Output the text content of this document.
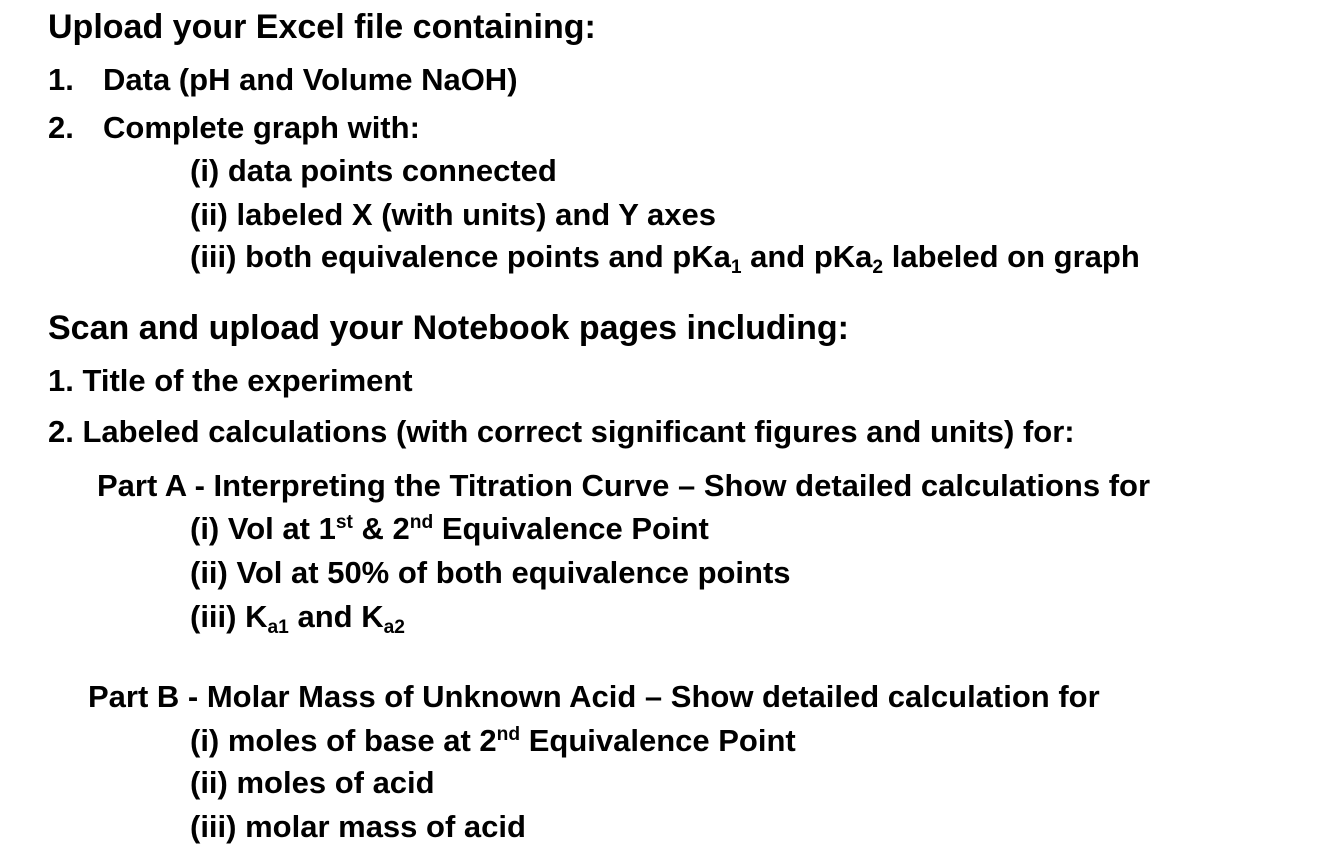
Upload your Excel file containing:
1. Data (pH and Volume NaOH)
2. Complete graph with:
(i) data points connected
(ii) labeled X (with units) and Y axes
(iii) both equivalence points and pKa$_1$ and pKa$_2$ labeled on graph
Scan and upload your Notebook pages including:
1. Title of the experiment
2. Labeled calculations (with correct significant figures and units) for:
Part A - Interpreting the Titration Curve – Show detailed calculations for
(i) Vol at 1st & 2nd Equivalence Point
(ii) Vol at 50% of both equivalence points
(iii) $K_{a1}$ and $K_{a2}$
Part B - Molar Mass of Unknown Acid – Show detailed calculation for
(i) moles of base at 2nd Equivalence Point
(ii) moles of acid
(iii) molar mass of acid
